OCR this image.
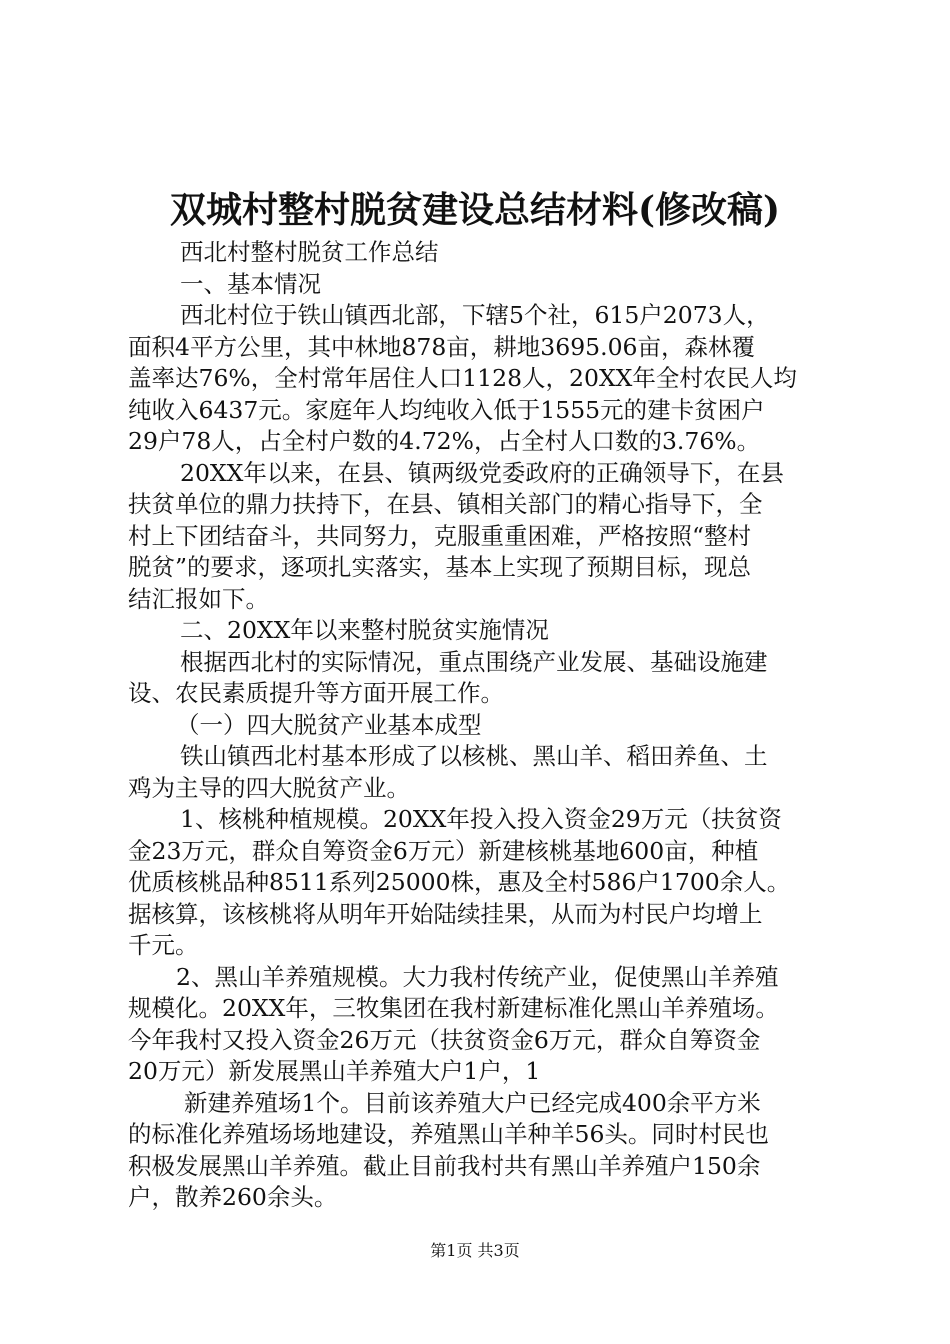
双城村整村脱贫建设总结材料(修改稿)
西北村整村脱贫工作总结
一、基本情况
西北村位于铁山镇西北部，下辖5个社，615户2073人，
面积4平方公里，其中林地878亩，耕地3695.06亩，森林覆
盖率达76%，全村常年居住人口1128人，20XX年全村农民人均
纯收入6437元。家庭年人均纯收入低于1555元的建卡贫困户
29户78人，占全村户数的4.72%，占全村人口数的3.76%。
20XX年以来，在县、镇两级党委政府的正确领导下，在县
扶贫单位的鼎力扶持下，在县、镇相关部门的精心指导下，全
村上下团结奋斗，共同努力，克服重重困难，严格按照“整村
脱贫”的要求，逐项扎实落实，基本上实现了预期目标，现总
结汇报如下。
二、20XX年以来整村脱贫实施情况
根据西北村的实际情况，重点围绕产业发展、基础设施建
设、农民素质提升等方面开展工作。
（一）四大脱贫产业基本成型
铁山镇西北村基本形成了以核桃、黑山羊、稻田养鱼、土
鸡为主导的四大脱贫产业。
1、核桃种植规模。20XX年投入投入资金29万元（扶贫资
金23万元，群众自筹资金6万元）新建核桃基地600亩，种植
优质核桃品种8511系列25000株，惠及全村586户1700余人。
据核算，该核桃将从明年开始陆续挂果，从而为村民户均增上
千元。
2、黑山羊养殖规模。大力我村传统产业，促使黑山羊养殖
规模化。20XX年，三牧集团在我村新建标准化黑山羊养殖场。
今年我村又投入资金26万元（扶贫资金6万元，群众自筹资金
20万元）新发展黑山羊养殖大户1户，1
新建养殖场1个。目前该养殖大户已经完成400余平方米
的标准化养殖场场地建设，养殖黑山羊种羊56头。同时村民也
积极发展黑山羊养殖。截止目前我村共有黑山羊养殖户150余
户，散养260余头。
第1页 共3页
